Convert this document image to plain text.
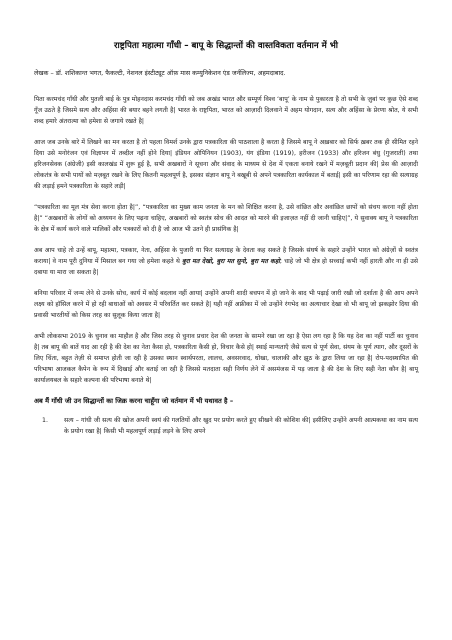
राष्ट्रपिता महात्मा गाँधी – बापू के सिद्धान्तों की वास्तविकता वर्तमान में भी
लेखक – डॉ. शशिकान्त भगत, फैकल्टी, नेशनल इंस्टीट्यूट ऑफ़ मास कम्युनिकेशन एंड जर्नलिज्म, अहमदाबाद.

पिता करमचंद गाँधी और पुतली बाई के पुत्र मोहनदास करमचंद गाँधी को जब अखंड भारत और सम्पूर्ण विश्व ‘बापू’ के नाम से पुकारता है तो सभी के ज़ुबां पर कुछ ऐसे शब्द गूँज उठते है जिसमे सत्य और अहिंसा की बयार बहने लगती है| भारत के राष्ट्रपिता, भारत को आज़ादी दिलवाने में अहम योगदान, सत्य और अहिंसा के प्रेरणा श्रोत, ये सभी शब्द हमारे अंतरात्मा को हमेशा से जगाये रखते है|

आज जब उनके बारे में लिखने का मन करता है तो पहला विमर्श उनके द्वारा पत्रकारिता की पाठशाला है करता है जिसमे बापू ने अख़बार को सिर्फ ख़बर तक ही सीमित रहने दिया उसे मनोरंजन एवं विज्ञापन में तब्दील नहीं होने दिया| इंडियन ओपिनियन (1903), यंग इंडिया (1919), हरीजन (1933) और हरिजन बंधु (गुजराती) तथा हरिजनसेवक (अंग्रेजी) इसी कालखंड में शुरू हुई है, सभी अखबारों ने सूचना और संवाद के माध्यम से देश में एकता बनाये रखने में मज़बूती प्रदान की| प्रेस की आज़ादी लोकतंत्र के सभी पायों को मज़बूत रखने के लिए कितनी महत्वपूर्ण है, इसका संज्ञान बापू ने बखूबी से अपने पत्रकारिता कार्यकाल में बताई| इसी का परिणाम रहा की सत्याग्रह की लड़ाई हमने पत्रकारिता के सहारे लड़ी|

“पत्रकारिता का मूल मंत्र सेवा करना होता है|”, “पत्रकारिता का मुख्य काम जनता के मन को शिक्षित करना है, उसे वांछित और अवांछित छापों को संचय करना नहीं होता है|” “अखबारों के लोगों को अध्ययन के लिए पढ़ना चाहिए, अखबारों को स्वतंत्र सोच की आदत को मारने की इजाज़त नहीं दी जानी चाहिए|”, ये सुवाक्य बापू ने पत्रकारिता के क्षेत्र में कार्य करने वाले मालिकों और पत्रकारों को दी है जो आज भी उतने ही प्रासंगिक है|

अब आप चाहे तो उन्हें बापू, महात्मा, पत्रकार, नेता, अहिंसा के पुजारी या फिर सत्याग्रह के देवता कह सकते है जिसके संघर्ष के सहारे उन्होंने भारत को अंग्रेज़ों से स्वतंत्र कराया| वे नाम पूरी दुनिया में मिसाल बन गया जो हमेशा कहते थे बुरा मत देखो, बुरा मत सुनो, बुरा मत कहो; चाहे जो भी क्षेत्र हो सच्चाई कभी नहीं हारती और ना ही उसे दबाया या मारा जा सकता है|

बनिया परिवार में जन्म लेने से उनके सोच, कार्य में कोई बदलाव नहीं आया| उन्होंने अपनी शादी बचपन में हो जाने के बाद भी पढ़ाई जारी रखी जो दर्शाता है की आप अपने लक्ष्य को हॉसिल करने में हो रही बाधाओं को अवसर में परिवर्तित कर सकते है| यही नहीं अफ्रीका में जो उन्होंने रंगभेद का अत्याचार देखा वो भी बापू जो झकझोर दिया की प्रवासी भारतीयों को किस तरह का सुलूक किया जाता है|

अभी लोकसभा 2019 के चुनाव का माहौल है और जिस तरह से चुनाव प्रचार देश की जनता के सामने रखा जा रहा है ऐसा लग रहा है कि यह देश का नहीं पार्टी का चुनाव है| तब बापू की बातें याद आ रही है की देश का नेता कैसा हो, पत्रकारिता कैसी हो, विचार कैसे हो| स्थाई मान्यताएँ जैसे सत्य से पूर्ण सेवा, संयम के पूर्ण त्याग, और दूसरों के लिए चिंता, बहुत तेज़ी से समाप्त होती जा रही है उसका स्थान स्वार्थपरता, लालच, अवसरवाद, धोखा, चालाकी और झूठ के द्वारा लिया जा रहा है| रोप-पदस्थापित की परिभाषा आजकल कैपेन के रूप में दिखाई और बताई जा रही है जिससे मतदाता सही निर्णय लेने में असमंजस में पड़ जाता है की देश के लिए सही नेता कौन है| बापू कार्यालयबल के सहारे कल्पना की परिभाषा बनाते थे|

अब मैं गाँधी जी उन सिद्धान्तों का जिक्र करना चाहूँगा जो वर्तमान में भी यथावत है –
1.	सत्य – गांधी जी सत्य की खोज अपनी स्वयं की गलतियों और खुद पर प्रयोग करते हुए सीखने की कोशिश की| इसीलिए उन्होंने अपनी आत्मकथा का नाम सत्य के प्रयोग रखा है| किसी भी महत्वपूर्ण लड़ाई लड़ने के लिए अपने
